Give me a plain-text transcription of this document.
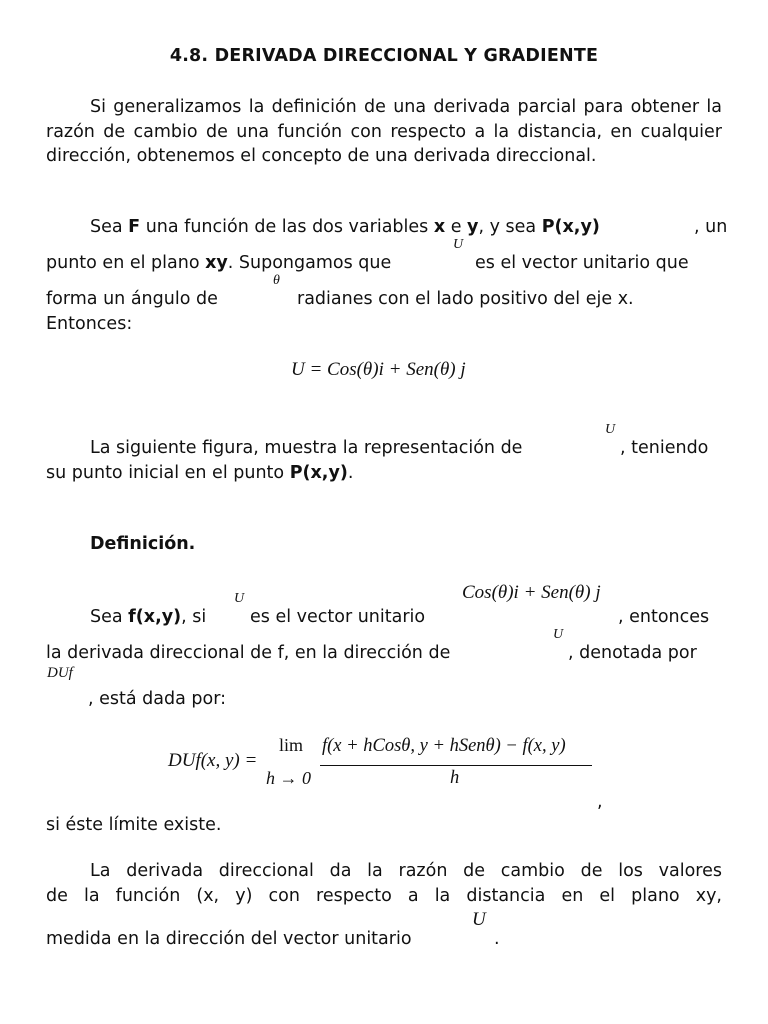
4.8. DERIVADA DIRECCIONAL Y GRADIENTE
Si generalizamos la definición de una derivada parcial para obtener la razón de cambio de una función con respecto a la distancia, en cualquier dirección, obtenemos el concepto de una derivada direccional.
Sea F una función de las dos variables x e y, y sea P(x,y)	, un
punto en el plano xy. Supongamos que
U
es el vector unitario que
forma un ángulo de
θ
radianes con el lado positivo del eje x.
Entonces:
U = Cos(θ)i + Sen(θ) j
La siguiente figura, muestra la representación de
U
, teniendo
su punto inicial en el punto P(x,y).
Definición.
Cos(θ)i + Sen(θ) j
Sea f(x,y), si
U
es el vector unitario	, entonces
la derivada direccional de f, en la dirección de
U
, denotada por
DUf
, está dada por:
DUf(x, y) =
lim
h → 0
f(x + hCosθ, y + hSenθ) − f(x, y)
h
,
si éste límite existe.
La derivada direccional da la razón de cambio de los valores
de la función (x, y) con respecto a la distancia en el plano xy,
medida en la dirección del vector unitario
U
.
